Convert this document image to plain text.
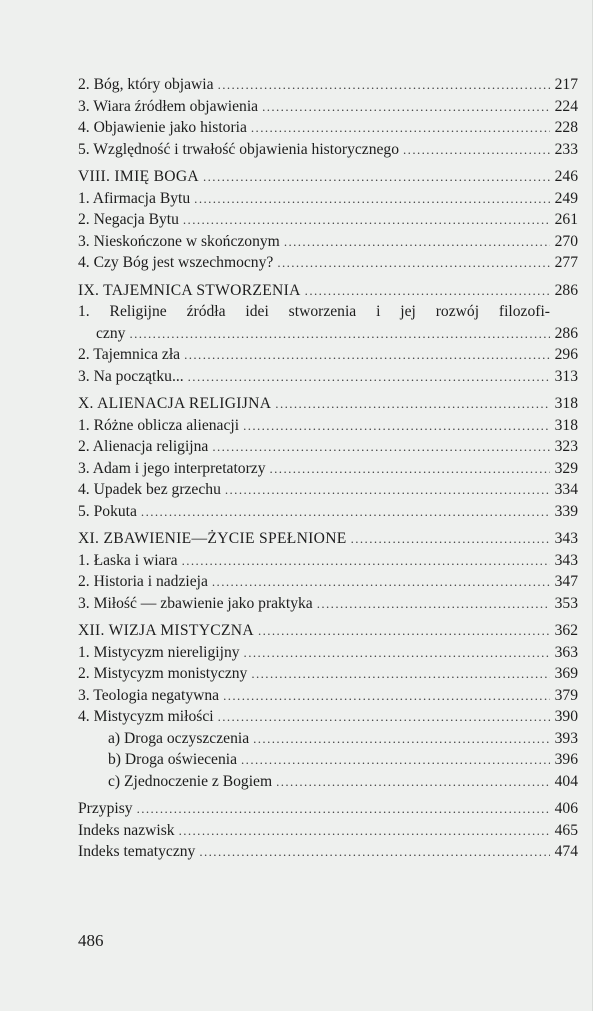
2. Bóg, który objawia .....	217
3. Wiara źródłem objawienia .....	224
4. Objawienie jako historia .....	228
5. Względność i trwałość objawienia historycznego .....	233
VIII. IMIĘ BOGA .....	246
1. Afirmacja Bytu .....	249
2. Negacja Bytu .....	261
3. Nieskończone w skończonym .....	270
4. Czy Bóg jest wszechmocny? .....	277
IX. TAJEMNICA STWORZENIA .....	286
1. Religijne źródła idei stworzenia i jej rozwój filozofi-
czny .....	286
2. Tajemnica zła .....	296
3. Na początku... .....	313
X. ALIENACJA RELIGIJNA .....	318
1. Różne oblicza alienacji .....	318
2. Alienacja religijna .....	323
3. Adam i jego interpretatorzy .....	329
4. Upadek bez grzechu .....	334
5. Pokuta .....	339
XI. ZBAWIENIE—ŻYCIE SPEŁNIONE .....	343
1. Łaska i wiara .....	343
2. Historia i nadzieja .....	347
3. Miłość — zbawienie jako praktyka .....	353
XII. WIZJA MISTYCZNA .....	362
1. Mistycyzm niereligijny .....	363
2. Mistycyzm monistyczny .....	369
3. Teologia negatywna .....	379
4. Mistycyzm miłości .....	390
a) Droga oczyszczenia .....	393
b) Droga oświecenia .....	396
c) Zjednoczenie z Bogiem .....	404
Przypisy .....	406
Indeks nazwisk .....	465
Indeks tematyczny .....	474
486
